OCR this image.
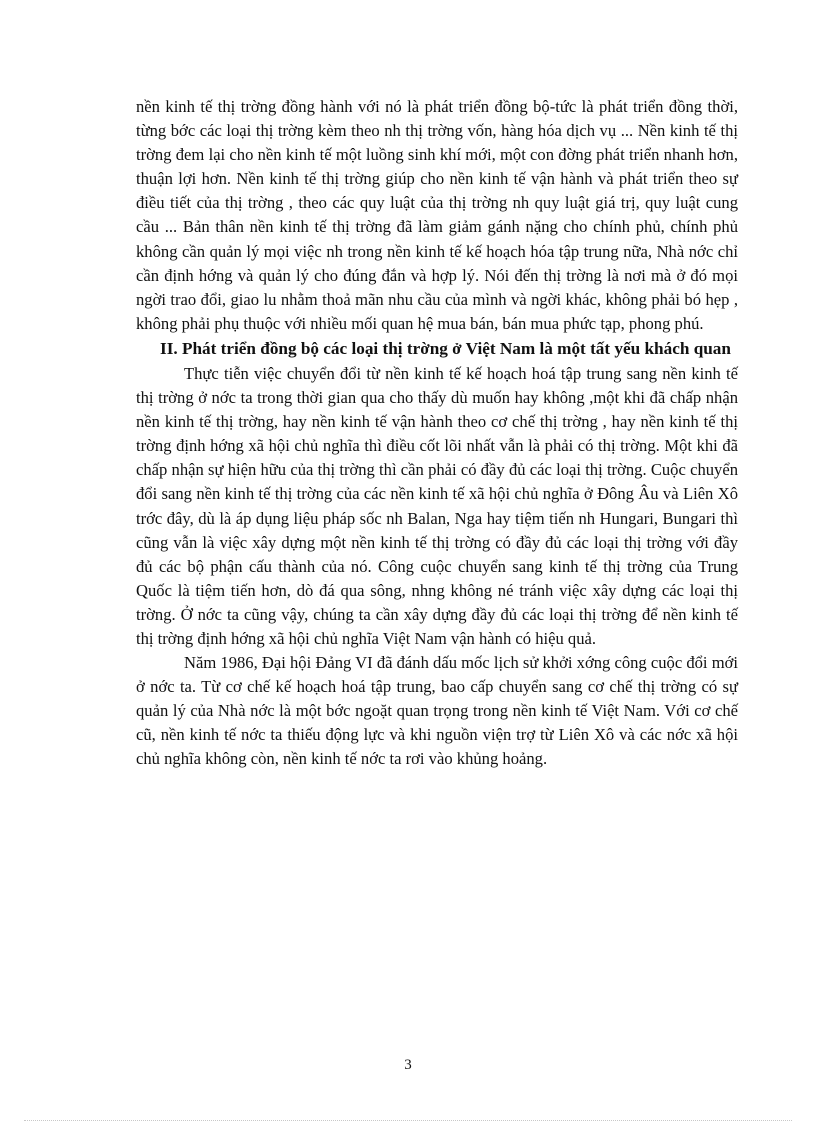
nền kinh tế thị trờng đồng hành với nó là phát triển đồng bộ-tức là phát triển đồng thời, từng bớc các loại thị trờng kèm theo nh thị trờng vốn, hàng hóa dịch vụ ... Nền kinh tế thị trờng đem lại cho nền kinh tế một luồng sinh khí mới, một con đờng phát triển nhanh hơn, thuận lợi hơn. Nền kinh tế thị trờng giúp cho nền kinh tế vận hành và phát triển theo sự điều tiết của thị trờng , theo các quy luật của thị trờng nh quy luật giá trị, quy luật cung cầu ... Bản thân nền kinh tế thị trờng đã làm giảm gánh nặng cho chính phủ, chính phủ không cần quản lý mọi việc nh trong nền kinh tế kế hoạch hóa tập trung nữa, Nhà nớc chỉ cần định hớng và quản lý cho đúng đắn và hợp lý. Nói đến thị trờng là nơi mà ở đó mọi ngời trao đổi, giao lu nhằm thoả mãn nhu cầu của mình và ngời khác, không phải bó hẹp , không phải phụ thuộc với nhiều mối quan hệ mua bán, bán mua phức tạp, phong phú.

II. Phát triển đồng bộ các loại thị trờng ở Việt Nam là một tất yếu khách quan

Thực tiễn việc chuyển đổi từ nền kinh tế kế hoạch hoá tập trung sang nền kinh tế thị trờng ở nớc ta trong thời gian qua cho thấy dù muốn hay không ,một khi đã chấp nhận nền kinh tế thị trờng, hay nền kinh tế vận hành theo cơ chế thị trờng , hay nền kinh tế thị trờng định hớng xã hội chủ nghĩa thì điều cốt lõi nhất vẫn là phải có thị trờng. Một khi đã chấp nhận sự hiện hữu của thị trờng thì cần phải có đầy đủ các loại thị trờng. Cuộc chuyển đổi sang nền kinh tế thị trờng của các nền kinh tế xã hội chủ nghĩa ở Đông Âu và Liên Xô trớc đây, dù là áp dụng liệu pháp sốc nh Balan, Nga hay tiệm tiến nh Hungari, Bungari thì cũng vẫn là việc xây dựng một nền kinh tế thị trờng có đầy đủ các loại thị trờng với đầy đủ các bộ phận cấu thành của nó. Công cuộc chuyển sang kinh tế thị trờng của Trung Quốc là tiệm tiến hơn, dò đá qua sông, nhng không né tránh việc xây dựng các loại thị trờng. Ở nớc ta cũng vậy, chúng ta cần xây dựng đầy đủ các loại thị trờng để nền kinh tế thị trờng định hớng xã hội chủ nghĩa Việt Nam vận hành có hiệu quả.

Năm 1986, Đại hội Đảng VI đã đánh dấu mốc lịch sử khởi xớng công cuộc đổi mới ở nớc ta. Từ cơ chế kế hoạch hoá tập trung, bao cấp chuyển sang cơ chế thị trờng có sự quản lý của Nhà nớc là một bớc ngoặt quan trọng trong nền kinh tế Việt Nam. Với cơ chế cũ, nền kinh tế nớc ta thiếu động lực và khi nguồn viện trợ từ Liên Xô và các nớc xã hội chủ nghĩa không còn, nền kinh tế nớc ta rơi vào khủng hoảng.

3
